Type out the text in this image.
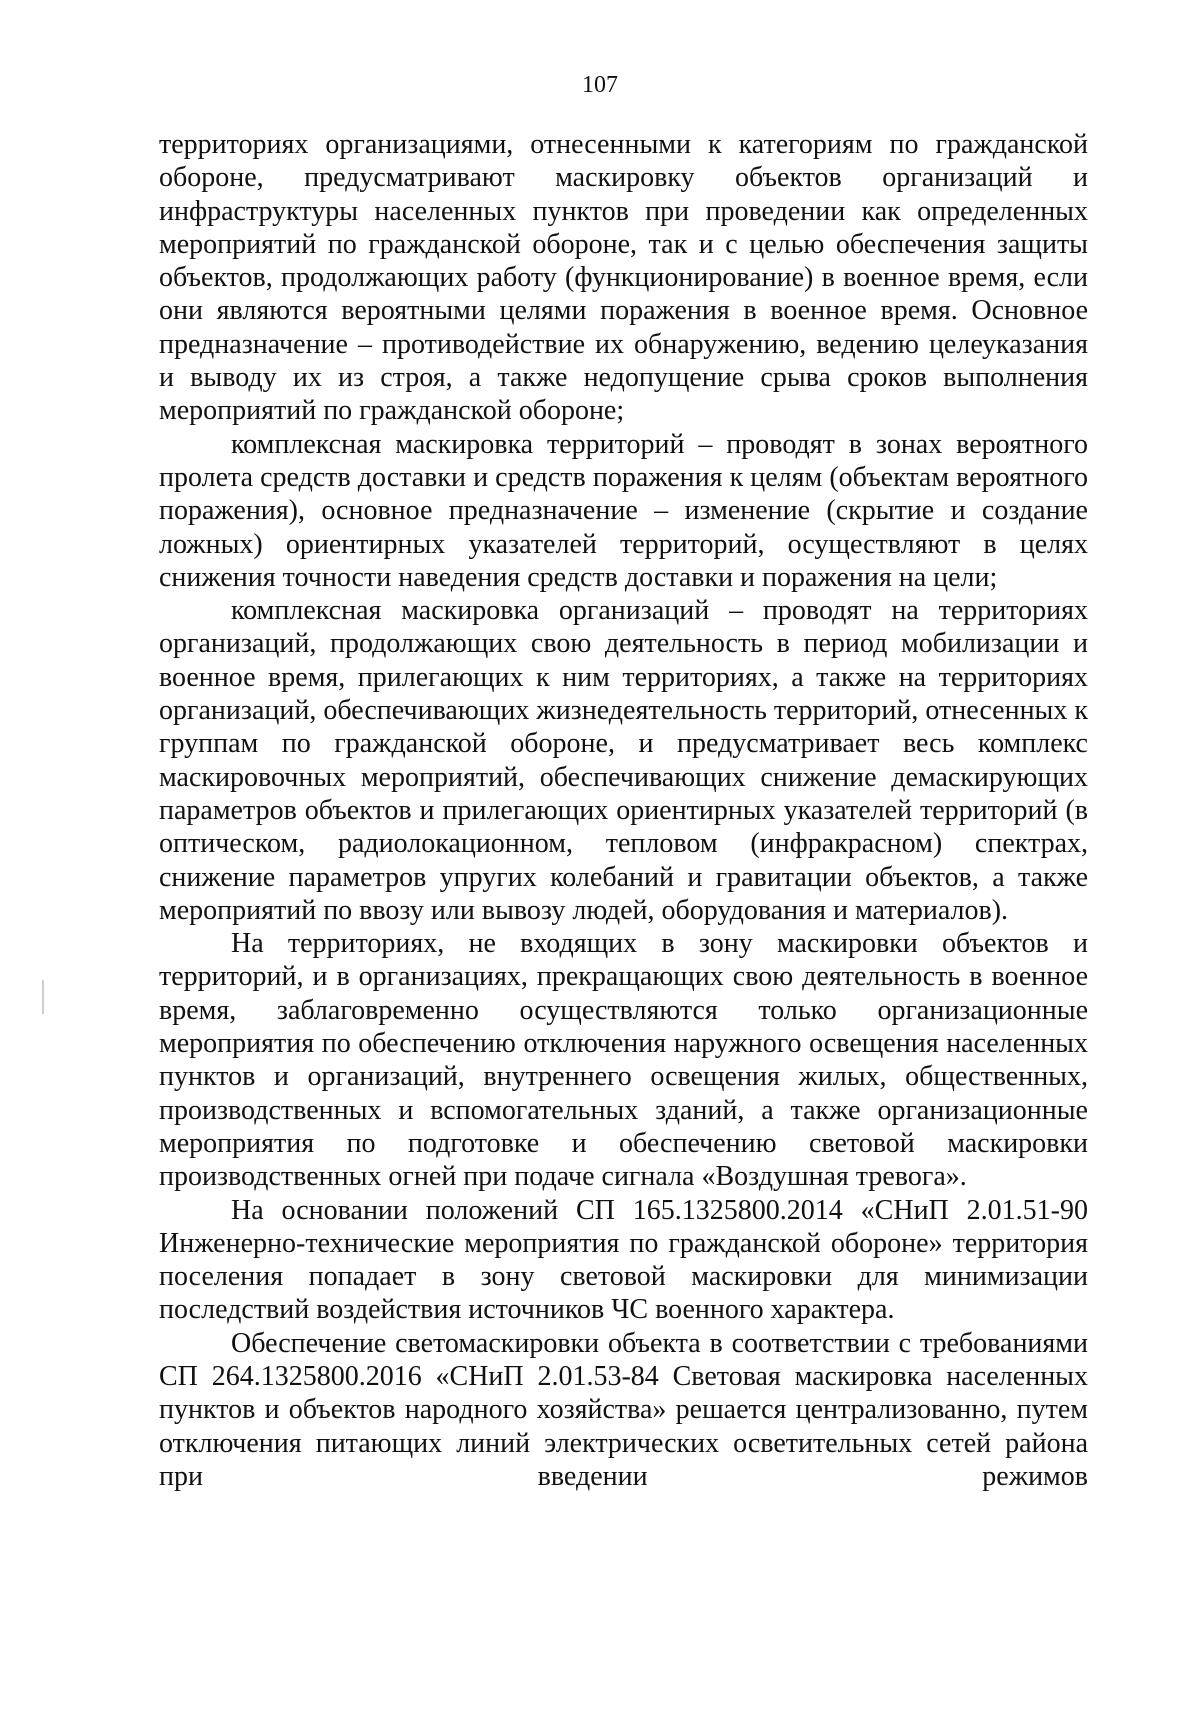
107

территориях организациями, отнесенными к категориям по гражданской обороне, предусматривают маскировку объектов организаций и инфраструктуры населенных пунктов при проведении как определенных мероприятий по гражданской обороне, так и с целью обеспечения защиты объектов, продолжающих работу (функционирование) в военное время, если они являются вероятными целями поражения в военное время. Основное предназначение – противодействие их обнаружению, ведению целеуказания и выводу их из строя, а также недопущение срыва сроков выполнения мероприятий по гражданской обороне;

комплексная маскировка территорий – проводят в зонах вероятного пролета средств доставки и средств поражения к целям (объектам вероятного поражения), основное предназначение – изменение (скрытие и создание ложных) ориентирных указателей территорий, осуществляют в целях снижения точности наведения средств доставки и поражения на цели;

комплексная маскировка организаций – проводят на территориях организаций, продолжающих свою деятельность в период мобилизации и военное время, прилегающих к ним территориях, а также на территориях организаций, обеспечивающих жизнедеятельность территорий, отнесенных к группам по гражданской обороне, и предусматривает весь комплекс маскировочных мероприятий, обеспечивающих снижение демаскирующих параметров объектов и прилегающих ориентирных указателей территорий (в оптическом, радиолокационном, тепловом (инфракрасном) спектрах, снижение параметров упругих колебаний и гравитации объектов, а также мероприятий по ввозу или вывозу людей, оборудования и материалов).

На территориях, не входящих в зону маскировки объектов и территорий, и в организациях, прекращающих свою деятельность в военное время, заблаговременно осуществляются только организационные мероприятия по обеспечению отключения наружного освещения населенных пунктов и организаций, внутреннего освещения жилых, общественных, производственных и вспомогательных зданий, а также организационные мероприятия по подготовке и обеспечению световой маскировки производственных огней при подаче сигнала «Воздушная тревога».

На основании положений СП 165.1325800.2014 «СНиП 2.01.51-90 Инженерно-технические мероприятия по гражданской обороне» территория поселения попадает в зону световой маскировки для минимизации последствий воздействия источников ЧС военного характера.

Обеспечение светомаскировки объекта в соответствии с требованиями СП 264.1325800.2016 «СНиП 2.01.53-84 Световая маскировка населенных пунктов и объектов народного хозяйства» решается централизованно, путем отключения питающих линий электрических осветительных сетей района при введении режимов
